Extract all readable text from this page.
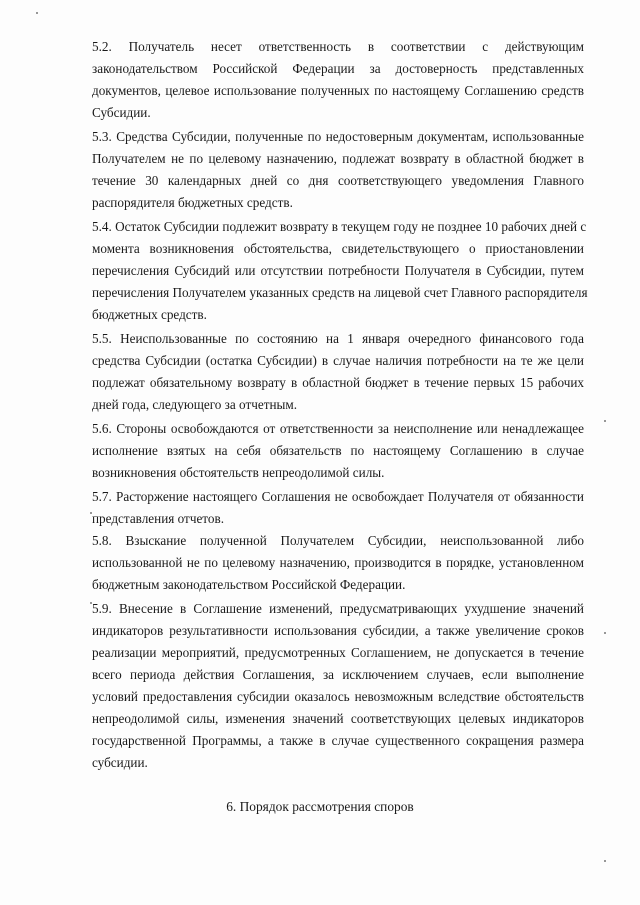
5.2. Получатель несет ответственность в соответствии с действующим
законодательством Российской Федерации за достоверность представленных
документов, целевое использование полученных по настоящему Соглашению средств
Субсидии.
5.3. Средства Субсидии, полученные по недостоверным документам, использованные
Получателем не по целевому назначению, подлежат возврату в областной бюджет в
течение 30 календарных дней со дня соответствующего уведомления Главного
распорядителя бюджетных средств.
5.4. Остаток Субсидии подлежит возврату в текущем году не позднее 10 рабочих дней с
момента возникновения обстоятельства, свидетельствующего о приостановлении
перечисления Субсидий или отсутствии потребности Получателя в Субсидии, путем
перечисления Получателем указанных средств на лицевой счет Главного распорядителя
бюджетных средств.
5.5. Неиспользованные по состоянию на 1 января очередного финансового года
средства Субсидии (остатка Субсидии) в случае наличия потребности на те же цели
подлежат обязательному возврату в областной бюджет в течение первых 15 рабочих
дней года, следующего за отчетным.
5.6. Стороны освобождаются от ответственности за неисполнение или ненадлежащее
исполнение взятых на себя обязательств по настоящему Соглашению в случае
возникновения обстоятельств непреодолимой силы.
5.7. Расторжение настоящего Соглашения не освобождает Получателя от обязанности
представления отчетов.
5.8. Взыскание полученной Получателем Субсидии, неиспользованной либо
использованной не по целевому назначению, производится в порядке, установленном
бюджетным законодательством Российской Федерации.
5.9. Внесение в Соглашение изменений, предусматривающих ухудшение значений
индикаторов результативности использования субсидии, а также увеличение сроков
реализации мероприятий, предусмотренных Соглашением, не допускается в течение
всего периода действия Соглашения, за исключением случаев, если выполнение
условий предоставления субсидии оказалось невозможным вследствие обстоятельств
непреодолимой силы, изменения значений соответствующих целевых индикаторов
государственной Программы, а также в случае существенного сокращения размера
субсидии.
6. Порядок рассмотрения споров
